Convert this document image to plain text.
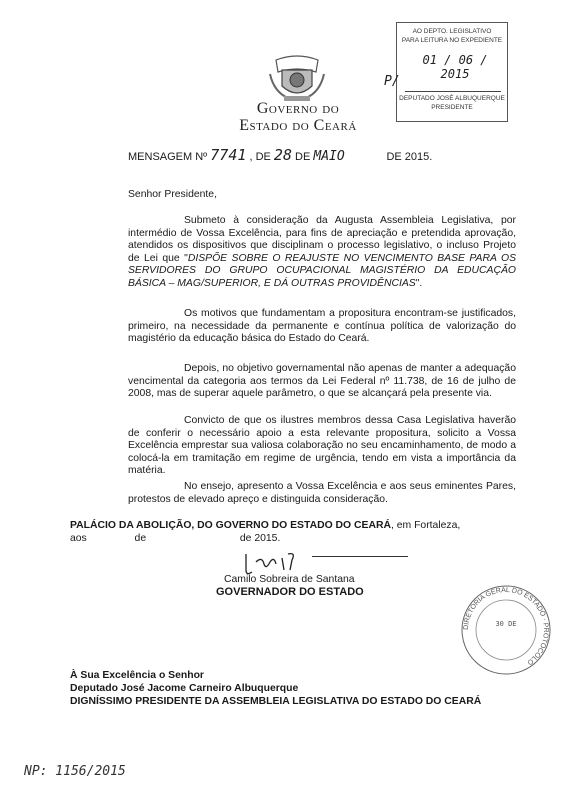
Governo do
Estado do Ceará
AO DEPTO. LEGISLATIVO
PARA LEITURA NO EXPEDIENTE
01 / 06 / 2015
DEPUTADO JOSÉ ALBUQUERQUE
PRESIDENTE
P/
MENSAGEM Nº 7741 , DE 28 DE MAIO	DE 2015.
Senhor Presidente,

Submeto à consideração da Augusta Assembleia Legislativa, por intermédio de Vossa Excelência, para fins de apreciação e pretendida aprovação, atendidos os dispositivos que disciplinam o processo legislativo, o incluso Projeto de Lei que "DISPÕE SOBRE O REAJUSTE NO VENCIMENTO BASE PARA OS SERVIDORES DO GRUPO OCUPACIONAL MAGISTÉRIO DA EDUCAÇÃO BÁSICA – MAG/SUPERIOR, E DÁ OUTRAS PROVIDÊNCIAS".

Os motivos que fundamentam a propositura encontram-se justificados, primeiro, na necessidade da permanente e contínua política de valorização do magistério da educação básica do Estado do Ceará.

Depois, no objetivo governamental não apenas de manter a adequação vencimental da categoria aos termos da Lei Federal nº 11.738, de 16 de julho de 2008, mas de superar aquele parâmetro, o que se alcançará pela presente via.

Convicto de que os ilustres membros dessa Casa Legislativa haverão de conferir o necessário apoio a esta relevante propositura, solicito a Vossa Excelência emprestar sua valiosa colaboração no seu encaminhamento, de modo a colocá-la em tramitação em regime de urgência, tendo em vista a importância da matéria.

No ensejo, apresento a Vossa Excelência e aos seus eminentes Pares, protestos de elevado apreço e distinguida consideração.

PALÁCIO DA ABOLIÇÃO, DO GOVERNO DO ESTADO DO CEARÁ, em Fortaleza,
aos	de	de 2015.
Camilo Sobreira de Santana
GOVERNADOR DO ESTADO
DIRETORIA GERAL DO ESTADO · PROTOCOLO
30 DE
À Sua Excelência o Senhor
Deputado José Jacome Carneiro Albuquerque
DIGNÍSSIMO PRESIDENTE DA ASSEMBLEIA LEGISLATIVA DO ESTADO DO CEARÁ
NP: 1156/2015
